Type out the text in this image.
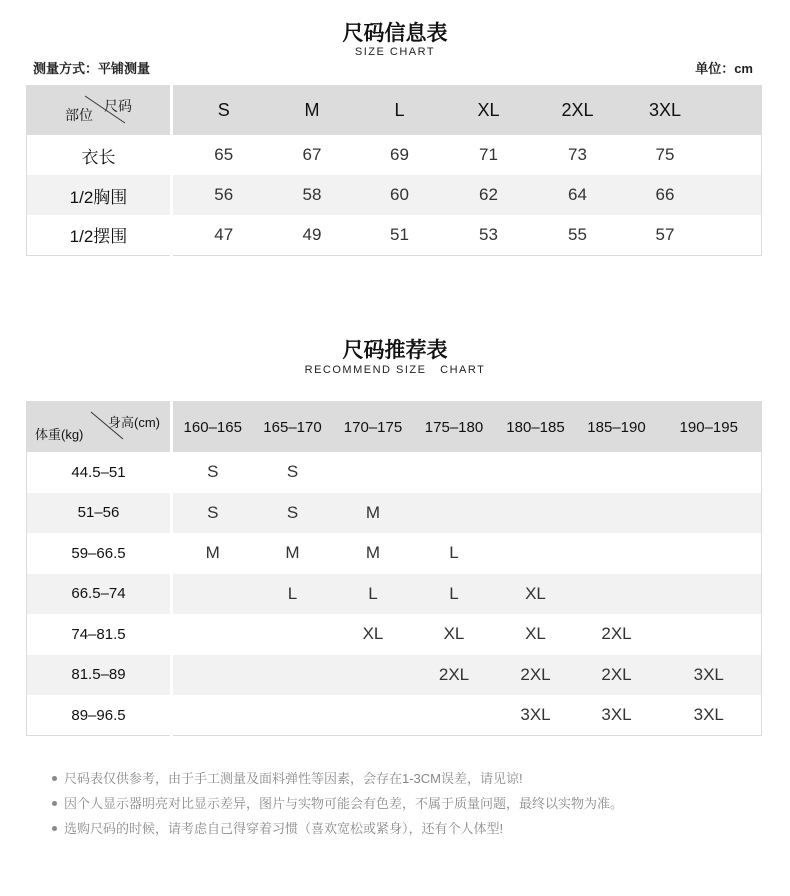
尺码信息表
SIZE CHART
测量方式：平铺测量	单位：cm
尺码
部位	S	M	L	XL	2XL	3XL	
衣长	65	67	69	71	73	75	
1/2胸围	56	58	60	62	64	66	
1/2摆围	47	49	51	53	55	57	
尺码推荐表
RECOMMEND SIZE   CHART
身高(cm)
体重(kg)	160–165	165–170	170–175	175–180	180–185	185–190	190–195
44.5–51	S	S					
51–56	S	S	M				
59–66.5	M	M	M	L			
66.5–74		L	L	L	XL		
74–81.5			XL	XL	XL	2XL	
81.5–89				2XL	2XL	2XL	3XL
89–96.5					3XL	3XL	3XL
尺码表仅供参考，由于手工测量及面料弹性等因素，会存在1-3CM误差，请见谅!
因个人显示器明亮对比显示差异，图片与实物可能会有色差，不属于质量问题，最终以实物为准。
选购尺码的时候，请考虑自己得穿着习惯（喜欢宽松或紧身），还有个人体型!
